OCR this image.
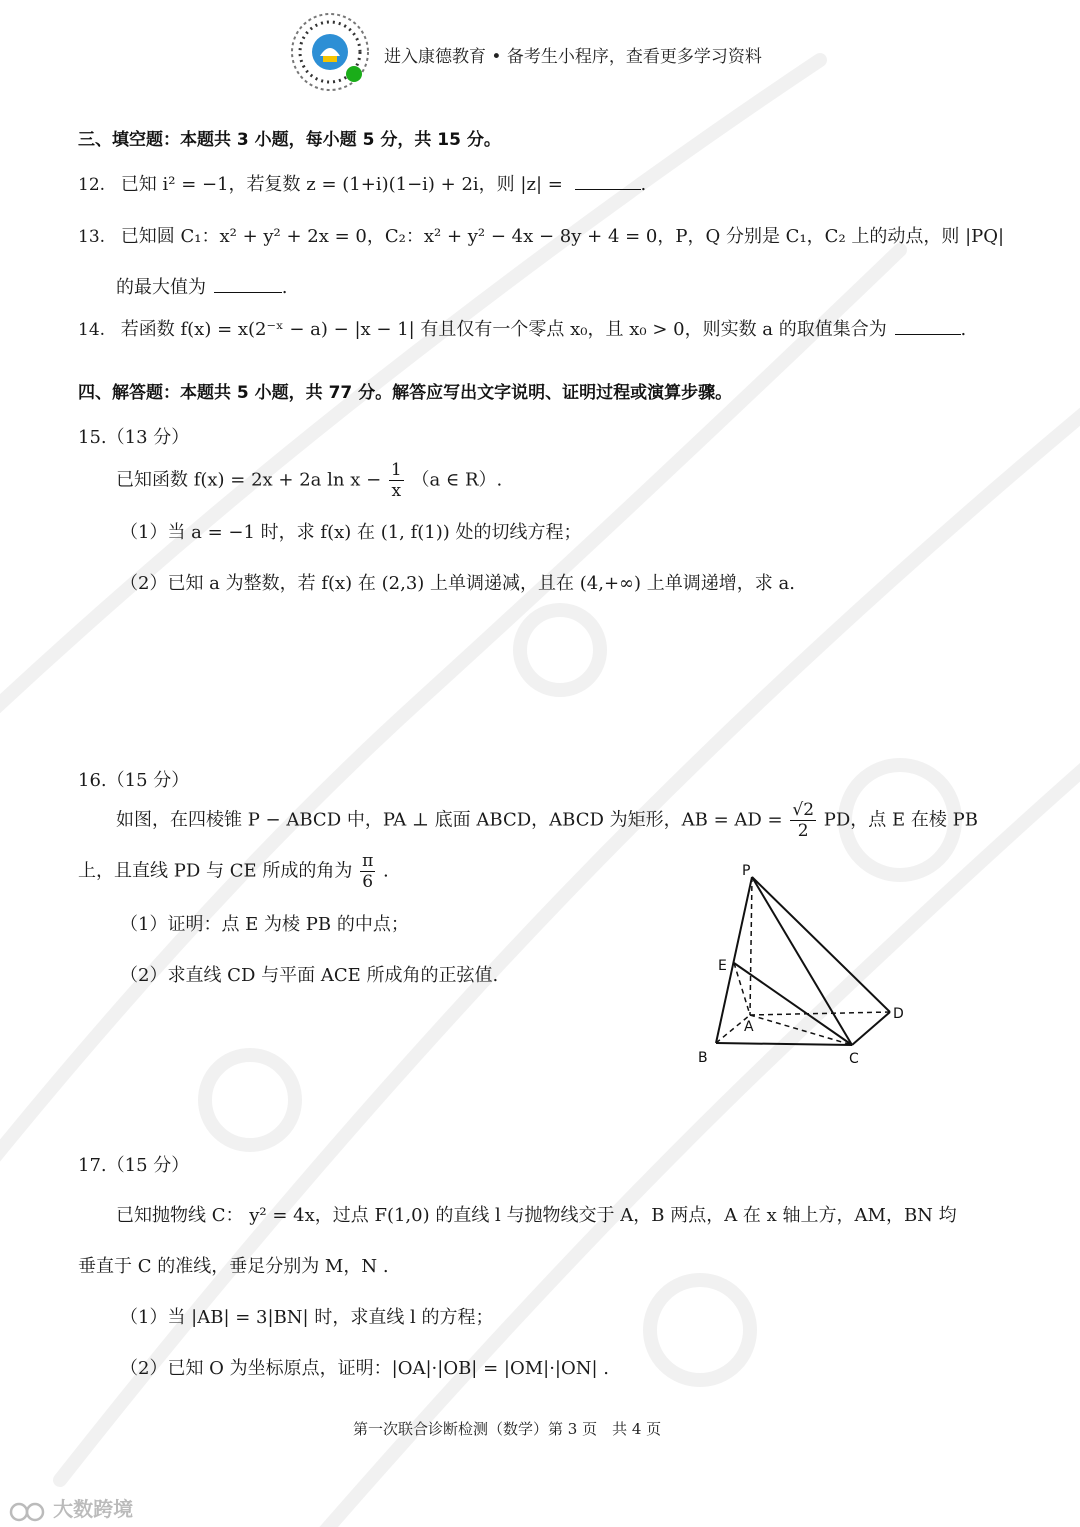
进入康德教育 • 备考生小程序，查看更多学习资料
三、填空题：本题共 3 小题，每小题 5 分，共 15 分。
12. 已知 i² = −1，若复数 z = (1+i)(1−i) + 2i，则 |z| =	.
13. 已知圆 C₁：x² + y² + 2x = 0，C₂：x² + y² − 4x − 8y + 4 = 0，P，Q 分别是 C₁，C₂ 上的动点，则 |PQ|
的最大值为	.
14. 若函数 f(x) = x(2⁻ˣ − a) − |x − 1| 有且仅有一个零点 x₀，且 x₀ > 0，则实数 a 的取值集合为	.
四、解答题：本题共 5 小题，共 77 分。解答应写出文字说明、证明过程或演算步骤。
15.（13 分）
已知函数 f(x) = 2x + 2a $\ln x - \frac{1}{x} (a$ ∈ R）.
（1）当 a = −1 时，求 f(x) 在 (1, f(1)) 处的切线方程；
（2）已知 a 为整数，若 f(x) 在 (2,3) 上单调递减，且在 (4,+∞) 上单调递增，求 a.
16.（15 分）
如图，在四棱锥 P − ABCD 中，PA ⊥ 底面 ABCD，ABCD 为矩形，AB = AD = $\frac{√2}{2}$ PD，点 E 在棱 PB
上，且直线 PD 与 CE 所成的角为 $\frac{\pi}{6}$ .
（1）证明：点 E 为棱 PB 的中点；
（2）求直线 CD 与平面 ACE 所成角的正弦值.
P
E
A
D
B	C
17.（15 分）
已知抛物线 C： y² = 4x，过点 F(1,0) 的直线 l 与抛物线交于 A，B 两点，A 在 x 轴上方，AM，BN 均
垂直于 C 的准线，垂足分别为 M，N .
（1）当 |AB| = 3|BN| 时，求直线 l 的方程；
（2）已知 O 为坐标原点，证明：|OA|·|OB| = |OM|·|ON| .
第一次联合诊断检测（数学）第 3 页　共 4 页
大数跨境
